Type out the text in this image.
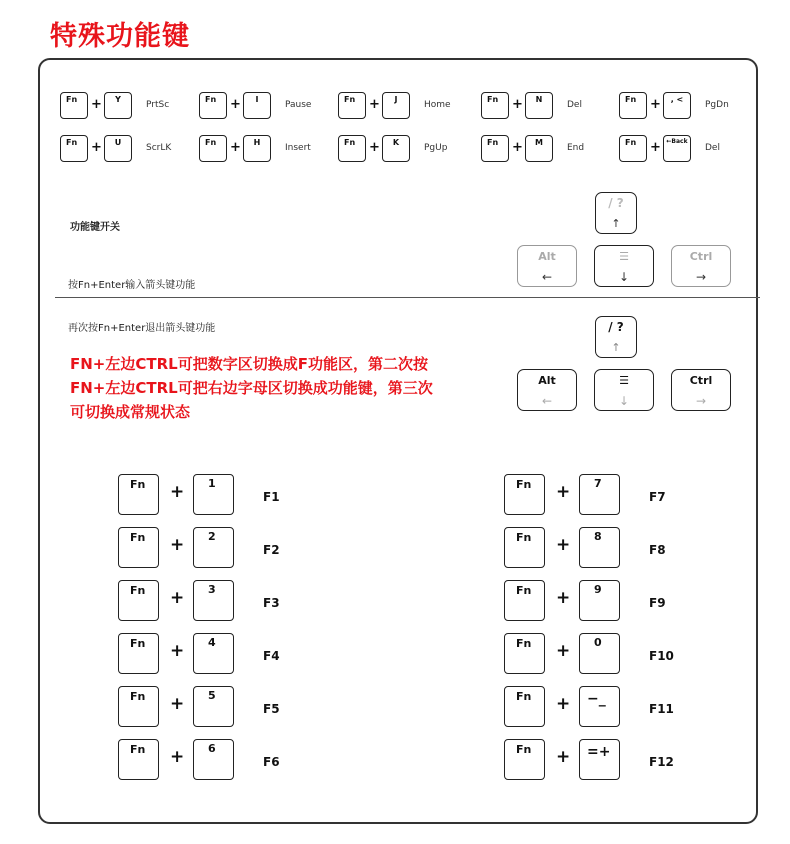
特殊功能键
Fn +	Y
PrtSc
Fn +	I
Pause
Fn +	J
Home
Fn +	N
Del
Fn +	, <
PgDn
Fn +	U
ScrLK
Fn +	H
Insert
Fn +	K
PgUp
Fn +	M
End
Fn + ←Back
Del
功能键开关
按Fn+Enter输入箭头键功能
再次按Fn+Enter退出箭头键功能
/ ?
↑
Alt
←
☰
↓
Ctrl
→
/ ?
↑
Alt
←
☰
↓
Ctrl
→
FN+左边CTRL可把数字区切换成F功能区，第二次按
FN+左边CTRL可把右边字母区切换成功能键，第三次
可切换成常规状态
Fn + 1
F1
Fn + 2
F2
Fn + 3
F3
Fn + 4
F4
Fn + 5
F5
Fn + 6
F6
Fn + 7
F7
Fn + 8
F8
Fn + 9
F9
Fn + 0
F10
Fn + −_
F11
Fn + =+
F12
